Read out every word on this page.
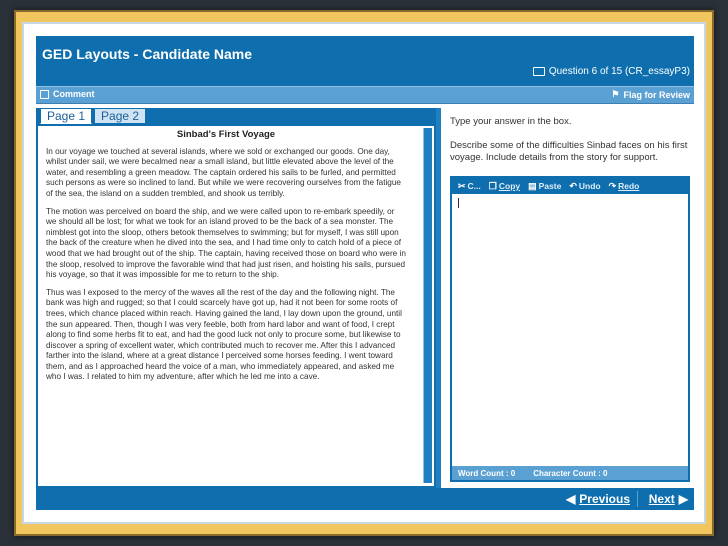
GED Layouts - Candidate Name
Question 6 of 15 (CR_essayP3)
Comment	⚑ Flag for Review
Page 1	Page 2
Sinbad's First Voyage

In our voyage we touched at several islands, where we sold or exchanged our goods. One day, whilst under sail, we were becalmed near a small island, but little elevated above the level of the water, and resembling a green meadow. The captain ordered his sails to be furled, and permitted such persons as were so inclined to land. But while we were recovering ourselves from the fatigue of the sea, the island on a sudden trembled, and shook us terribly.

The motion was perceived on board the ship, and we were called upon to re-embark speedily, or we should all be lost; for what we took for an island proved to be the back of a sea monster. The nimblest got into the sloop, others betook themselves to swimming; but for myself, I was still upon the back of the creature when he dived into the sea, and I had time only to catch hold of a piece of wood that we had brought out of the ship. The captain, having received those on board who were in the sloop, resolved to improve the favorable wind that had just risen, and hoisting his sails, pursued his voyage, so that it was impossible for me to return to the ship.

Thus was I exposed to the mercy of the waves all the rest of the day and the following night. The bank was high and rugged; so that I could scarcely have got up, had it not been for some roots of trees, which chance placed within reach. Having gained the land, I lay down upon the ground, until the sun appeared. Then, though I was very feeble, both from hard labor and want of food, I crept along to find some herbs fit to eat, and had the good luck not only to procure some, but likewise to discover a spring of excellent water, which contributed much to recover me. After this I advanced farther into the island, where at a great distance I perceived some horses feeding. I went toward them, and as I approached heard the voice of a man, who immediately appeared, and asked me who I was. I related to him my adventure, after which he led me into a cave.

Type your answer in the box.
Describe some of the difficulties Sinbad faces on his first voyage. Include details from the story for support.
✂ C... ❐ Copy ▤ Paste ↶ Undo ↷ Redo
Word Count : 0 Character Count : 0
◀ Previous Next ▶
